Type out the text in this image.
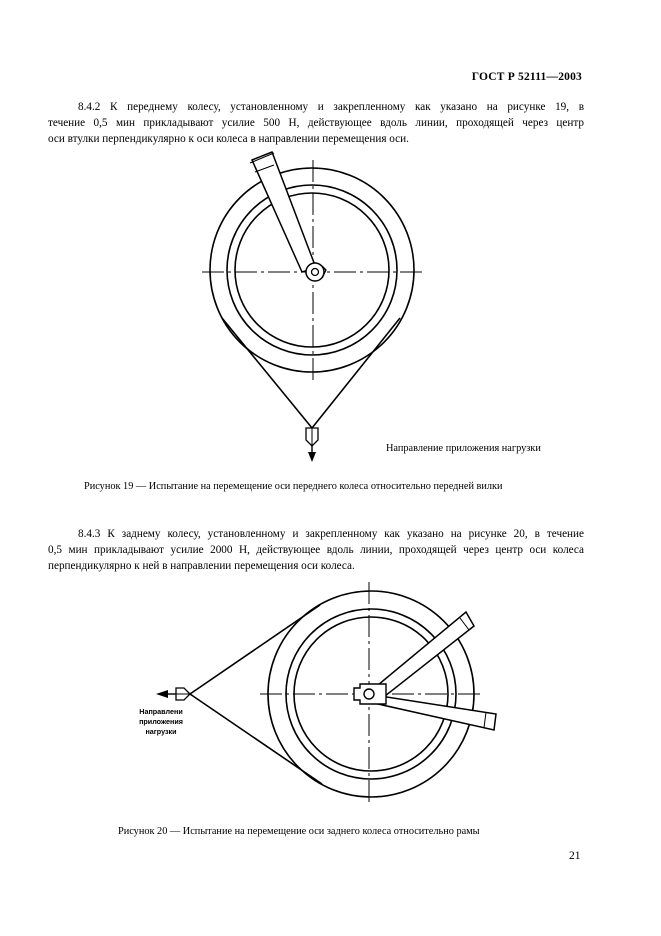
ГОСТ Р 52111—2003
8.4.2 К переднему колесу, установленному и закрепленному как указано на рисунке 19, в
течение 0,5 мин прикладывают усилие 500 Н, действующее вдоль линии, проходящей через центр
оси втулки перпендикулярно к оси колеса в направлении перемещения оси.
Направление приложения нагрузки
Рисунок 19 — Испытание на перемещение оси переднего колеса относительно передней вилки
8.4.3 К заднему колесу, установленному и закрепленному как указано на рисунке 20, в течение
0,5 мин прикладывают усилие 2000 Н, действующее вдоль линии, проходящей через центр оси колеса
перпендикулярно к ней в направлении перемещения оси колеса.
Направлени
приложения
нагрузки
Рисунок 20 — Испытание на перемещение оси заднего колеса относительно рамы
21
